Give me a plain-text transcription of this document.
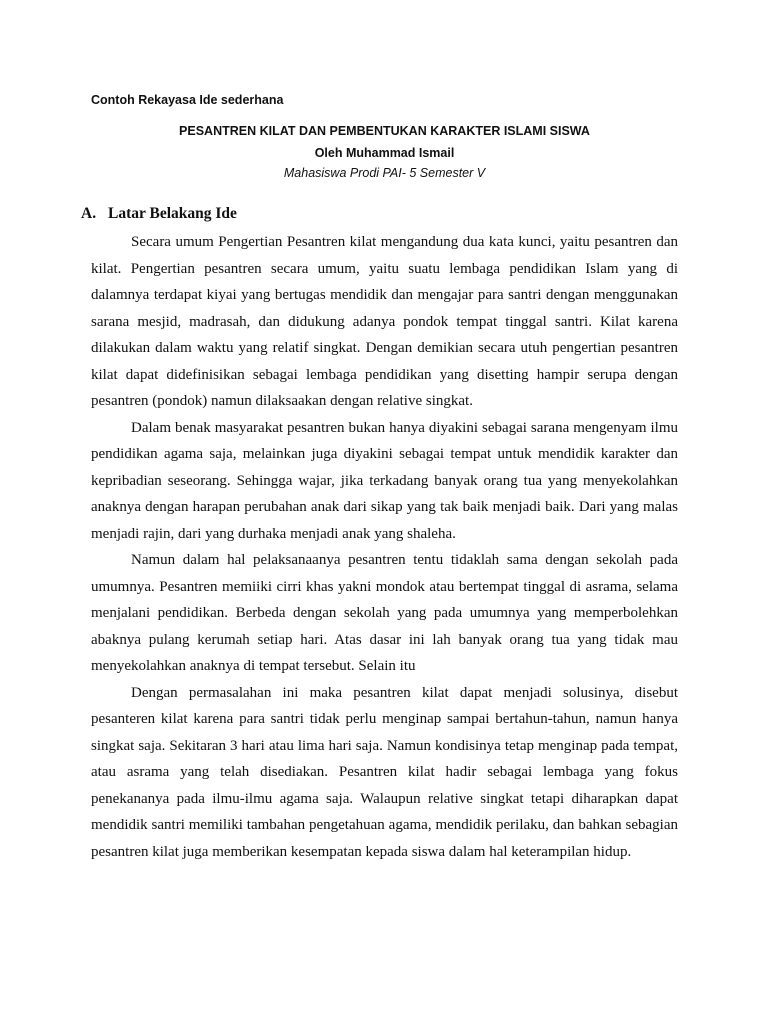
Contoh Rekayasa Ide sederhana
PESANTREN KILAT DAN PEMBENTUKAN KARAKTER ISLAMI SISWA
Oleh Muhammad Ismail
Mahasiswa Prodi PAI- 5 Semester V
A. Latar Belakang Ide

Secara umum Pengertian Pesantren kilat mengandung dua kata kunci, yaitu pesantren dan kilat. Pengertian pesantren secara umum, yaitu suatu lembaga pendidikan Islam yang di dalamnya terdapat kiyai yang bertugas mendidik dan mengajar para santri dengan menggunakan sarana mesjid, madrasah, dan didukung adanya pondok tempat tinggal santri. Kilat karena dilakukan dalam waktu yang relatif singkat. Dengan demikian secara utuh pengertian pesantren kilat dapat didefinisikan sebagai lembaga pendidikan yang disetting hampir serupa dengan pesantren (pondok) namun dilaksaakan dengan relative singkat.

Dalam benak masyarakat pesantren bukan hanya diyakini sebagai sarana mengenyam ilmu pendidikan agama saja, melainkan juga diyakini sebagai tempat untuk mendidik karakter dan kepribadian seseorang. Sehingga wajar, jika terkadang banyak orang tua yang menyekolahkan anaknya dengan harapan perubahan anak dari sikap yang tak baik menjadi baik. Dari yang malas menjadi rajin, dari yang durhaka menjadi anak yang shaleha.

Namun dalam hal pelaksanaanya pesantren tentu tidaklah sama dengan sekolah pada umumnya. Pesantren memiiki cirri khas yakni mondok atau bertempat tinggal di asrama, selama menjalani pendidikan. Berbeda dengan sekolah yang pada umumnya yang memperbolehkan abaknya pulang kerumah setiap hari. Atas dasar ini lah banyak orang tua yang tidak mau menyekolahkan anaknya di tempat tersebut. Selain itu

Dengan permasalahan ini maka pesantren kilat dapat menjadi solusinya, disebut pesanteren kilat karena para santri tidak perlu menginap sampai bertahun-tahun, namun hanya singkat saja. Sekitaran 3 hari atau lima hari saja. Namun kondisinya tetap menginap pada tempat, atau asrama yang telah disediakan. Pesantren kilat hadir sebagai lembaga yang fokus penekananya pada ilmu-ilmu agama saja. Walaupun relative singkat tetapi diharapkan dapat mendidik santri memiliki tambahan pengetahuan agama, mendidik perilaku, dan bahkan sebagian pesantren kilat juga memberikan kesempatan kepada siswa dalam hal keterampilan hidup.
